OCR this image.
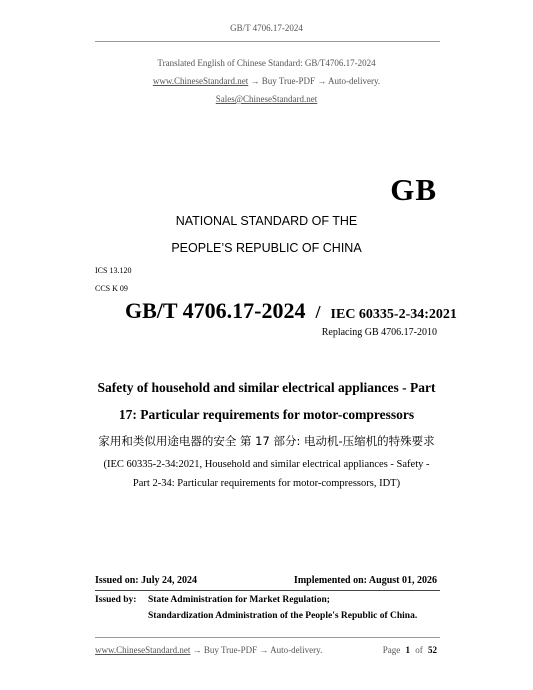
GB/T 4706.17-2024
Translated English of Chinese Standard: GB/T4706.17-2024
www.ChineseStandard.net → Buy True-PDF → Auto-delivery.
Sales@ChineseStandard.net
GB
NATIONAL STANDARD OF THE
PEOPLE’S REPUBLIC OF CHINA
ICS 13.120
CCS K 09
GB/T 4706.17-2024 / IEC 60335-2-34:2021
Replacing GB 4706.17-2010
Safety of household and similar electrical appliances - Part
17: Particular requirements for motor-compressors
家用和类似用途电器的安全 第 17 部分: 电动机-压缩机的特殊要求
(IEC 60335-2-34:2021, Household and similar electrical appliances - Safety -
Part 2-34: Particular requirements for motor-compressors, IDT)
Issued on: July 24, 2024	Implemented on: August 01, 2026
Issued by: State Administration for Market Regulation;
Standardization Administration of the People's Republic of China.
www.ChineseStandard.net → Buy True-PDF → Auto-delivery.	Page 1 of 52
